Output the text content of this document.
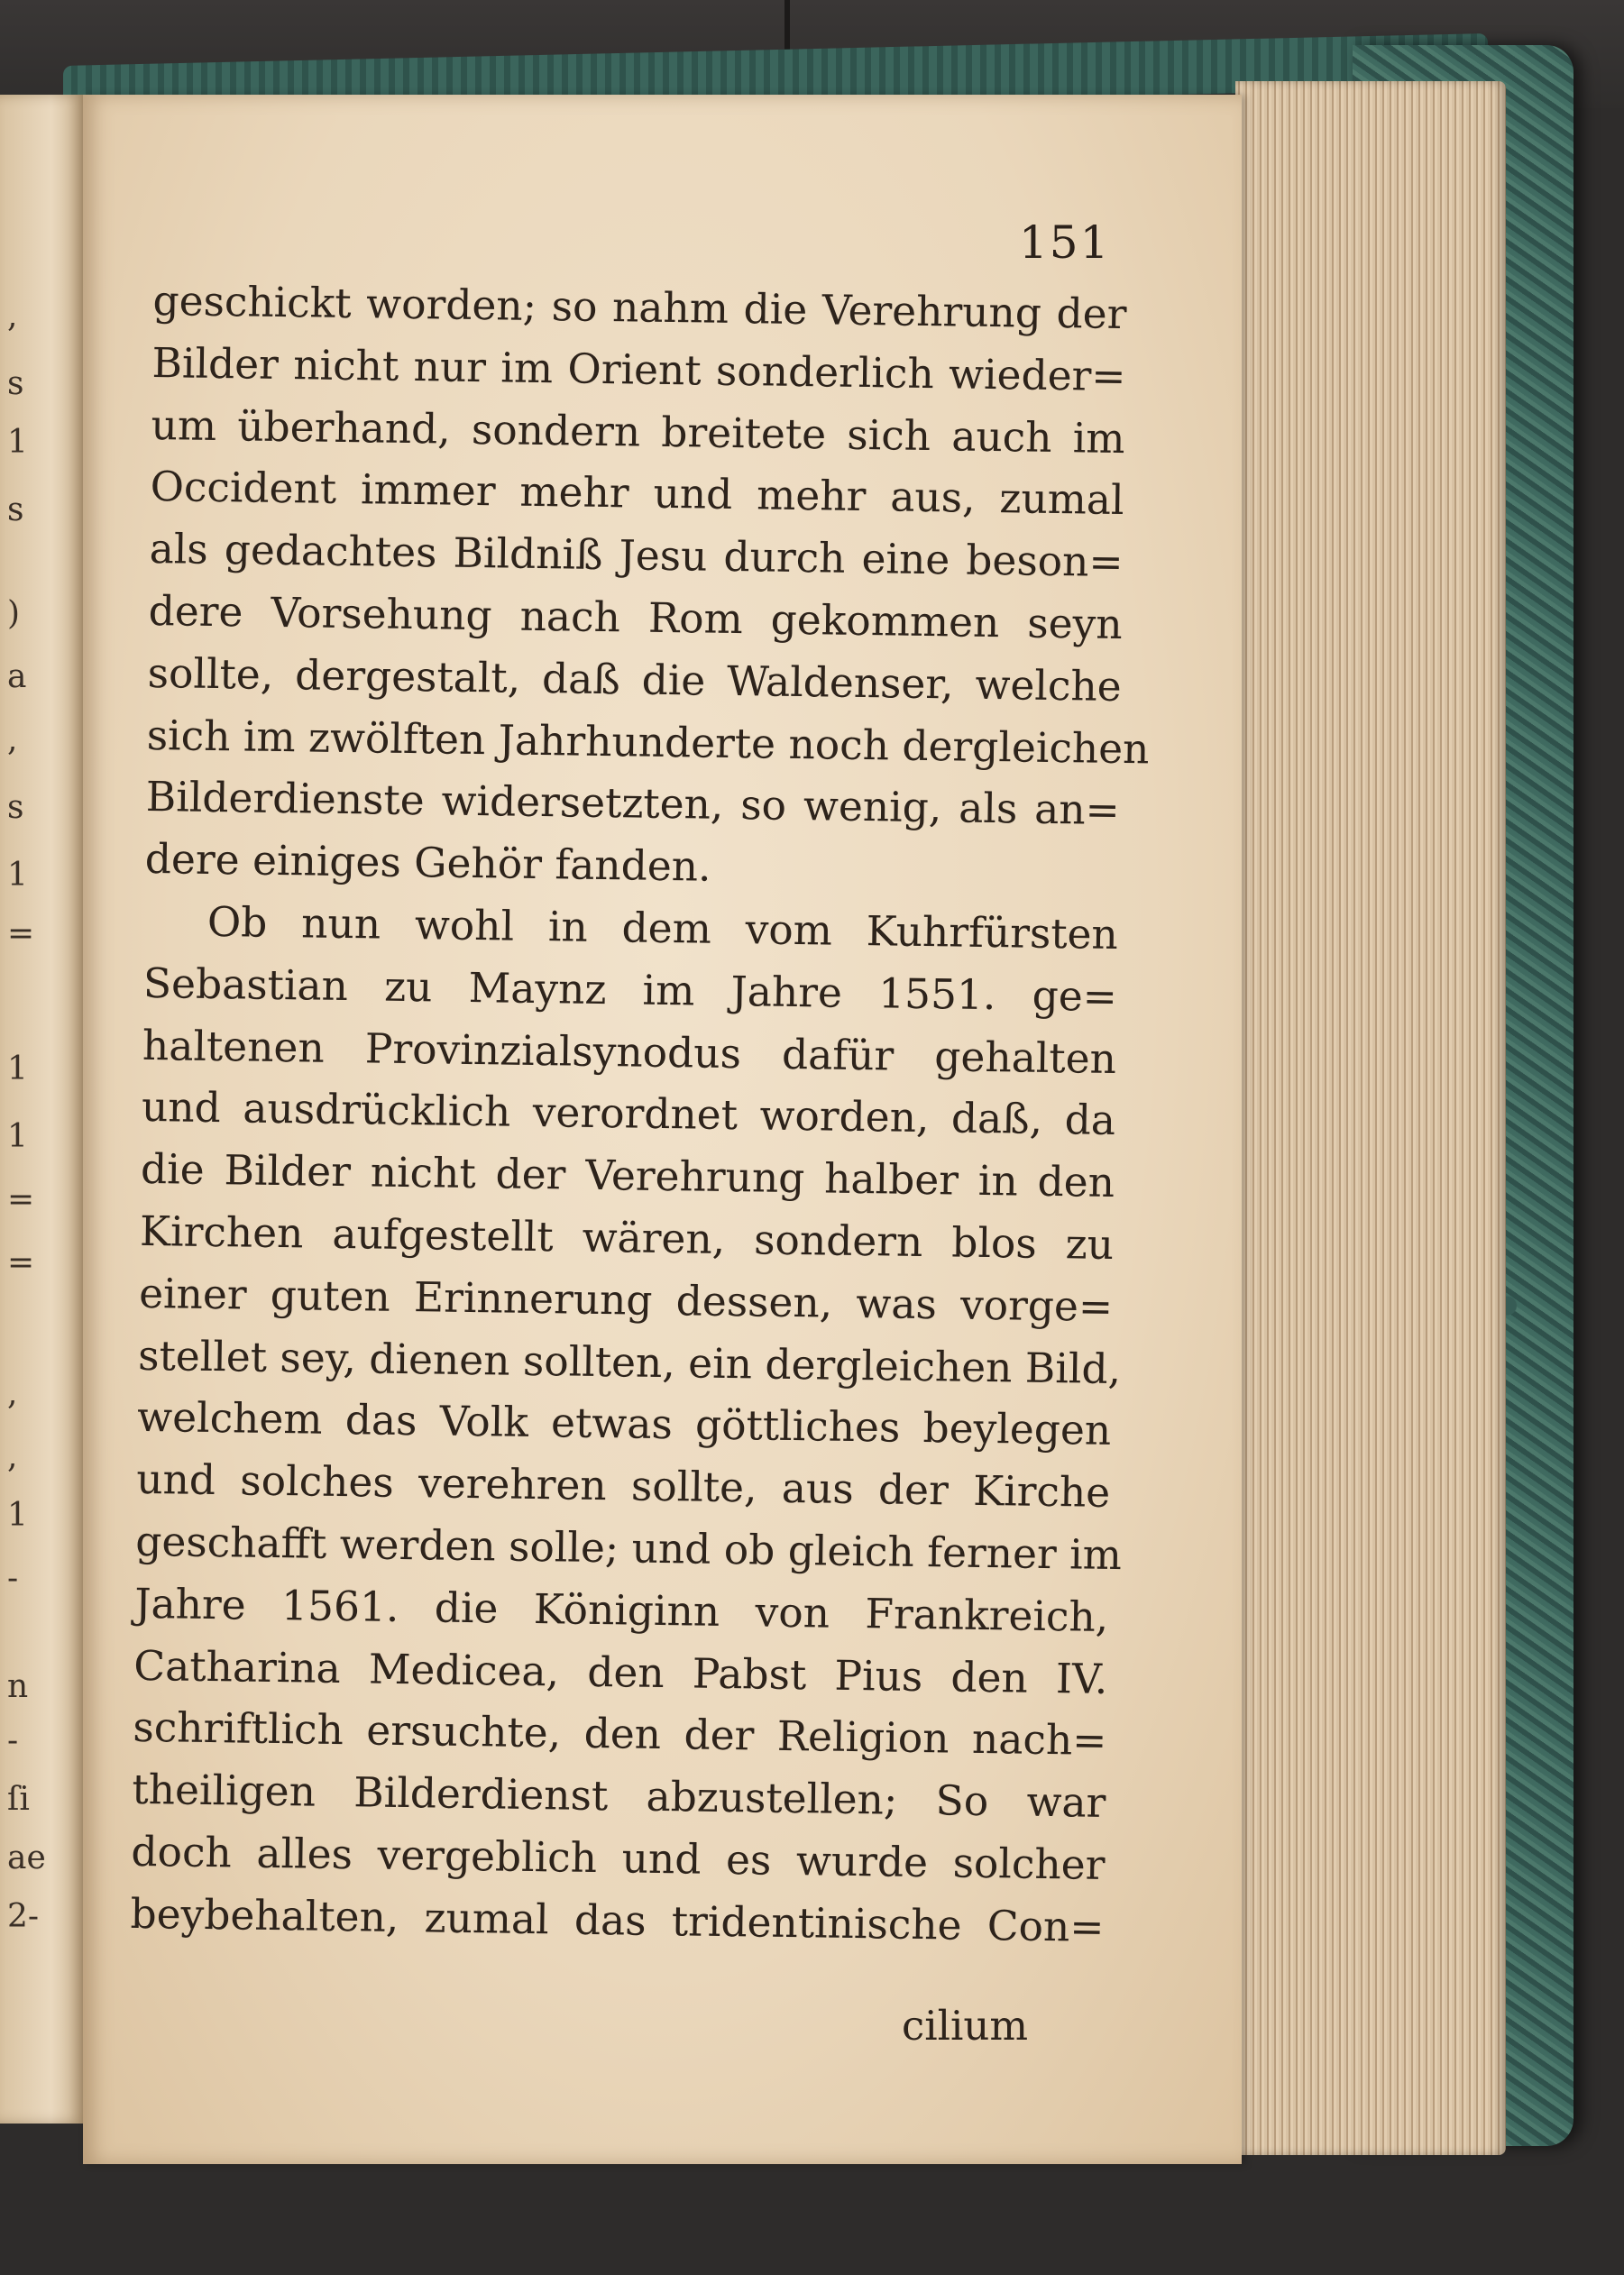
,
s
1
s
)
a
,
s
1
=
1
1
=
=
,
,
1
-
n
-
ſi
ae
2-
151
geschickt worden; so nahm die Verehrung der
Bilder nicht nur im Orient sonderlich wieder=
um überhand, sondern breitete sich auch im
Occident immer mehr und mehr aus, zumal
als gedachtes Bildniß Jesu durch eine beson=
dere Vorsehung nach Rom gekommen seyn
sollte, dergestalt, daß die Waldenser, welche
sich im zwölften Jahrhunderte noch dergleichen
Bilderdienste widersetzten, so wenig, als an=
dere einiges Gehör fanden.
Ob nun wohl in dem vom Kuhrfürsten
Sebastian zu Maynz im Jahre 1551. ge=
haltenen Provinzialsynodus dafür gehalten
und ausdrücklich verordnet worden, daß, da
die Bilder nicht der Verehrung halber in den
Kirchen aufgestellt wären, sondern blos zu
einer guten Erinnerung dessen, was vorge=
stellet sey, dienen sollten, ein dergleichen Bild,
welchem das Volk etwas göttliches beylegen
und solches verehren sollte, aus der Kirche
geschafft werden solle; und ob gleich ferner im
Jahre 1561. die Königinn von Frankreich,
Catharina Medicea, den Pabst Pius den IV.
schriftlich ersuchte, den der Religion nach=
theiligen Bilderdienst abzustellen; So war
doch alles vergeblich und es wurde solcher
beybehalten, zumal das tridentinische Con=
cilium
